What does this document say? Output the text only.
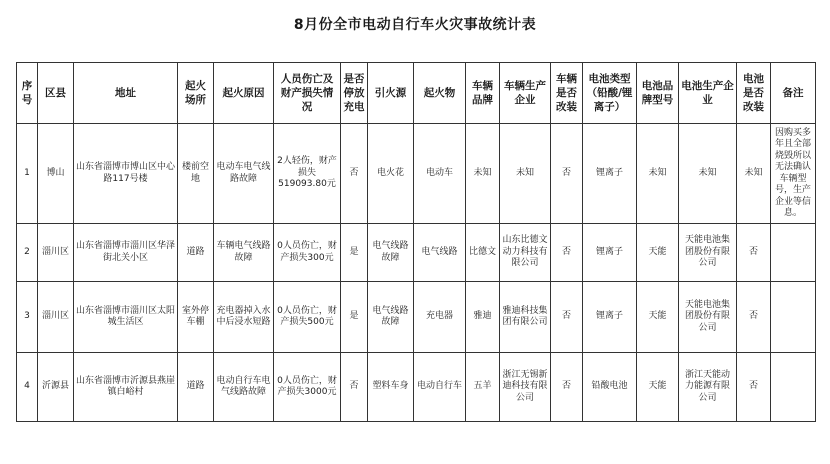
8月份全市电动自行车火灾事故统计表
序号	区县	地址	起火场所	起火原因	人员伤亡及财产损失情况	是否停放充电	引火源	起火物	车辆品牌	车辆生产企业	车辆是否改装	电池类型（铅酸/锂离子）	电池品牌型号	电池生产企业	电池是否改装	备注
1	博山	山东省淄博市博山区中心路117号楼	楼前空地	电动车电气线路故障	2人轻伤，财产损失519093.80元	否	电火花	电动车	未知	未知	否	锂离子	未知	未知	未知	因购买多年且全部烧毁所以无法确认车辆型号，生产企业等信息。
2	淄川区	山东省淄博市淄川区华泽街北关小区	道路	车辆电气线路故障	0人员伤亡，财产损失300元	是	电气线路故障	电气线路	比德文	山东比德文动力科技有限公司	否	锂离子	天能	天能电池集团股份有限公司	否	
3	淄川区	山东省淄博市淄川区太阳城生活区	室外停车棚	充电器掉入水中后浸水短路	0人员伤亡，财产损失500元	是	电气线路故障	充电器	雅迪	雅迪科技集团有限公司	否	锂离子	天能	天能电池集团股份有限公司	否	
4	沂源县	山东省淄博市沂源县燕崖镇白峪村	道路	电动自行车电气线路故障	0人员伤亡，财产损失3000元	否	塑料车身	电动自行车	五羊	浙江无锡新迪科技有限公司	否	铅酸电池	天能	浙江天能动力能源有限公司	否	
